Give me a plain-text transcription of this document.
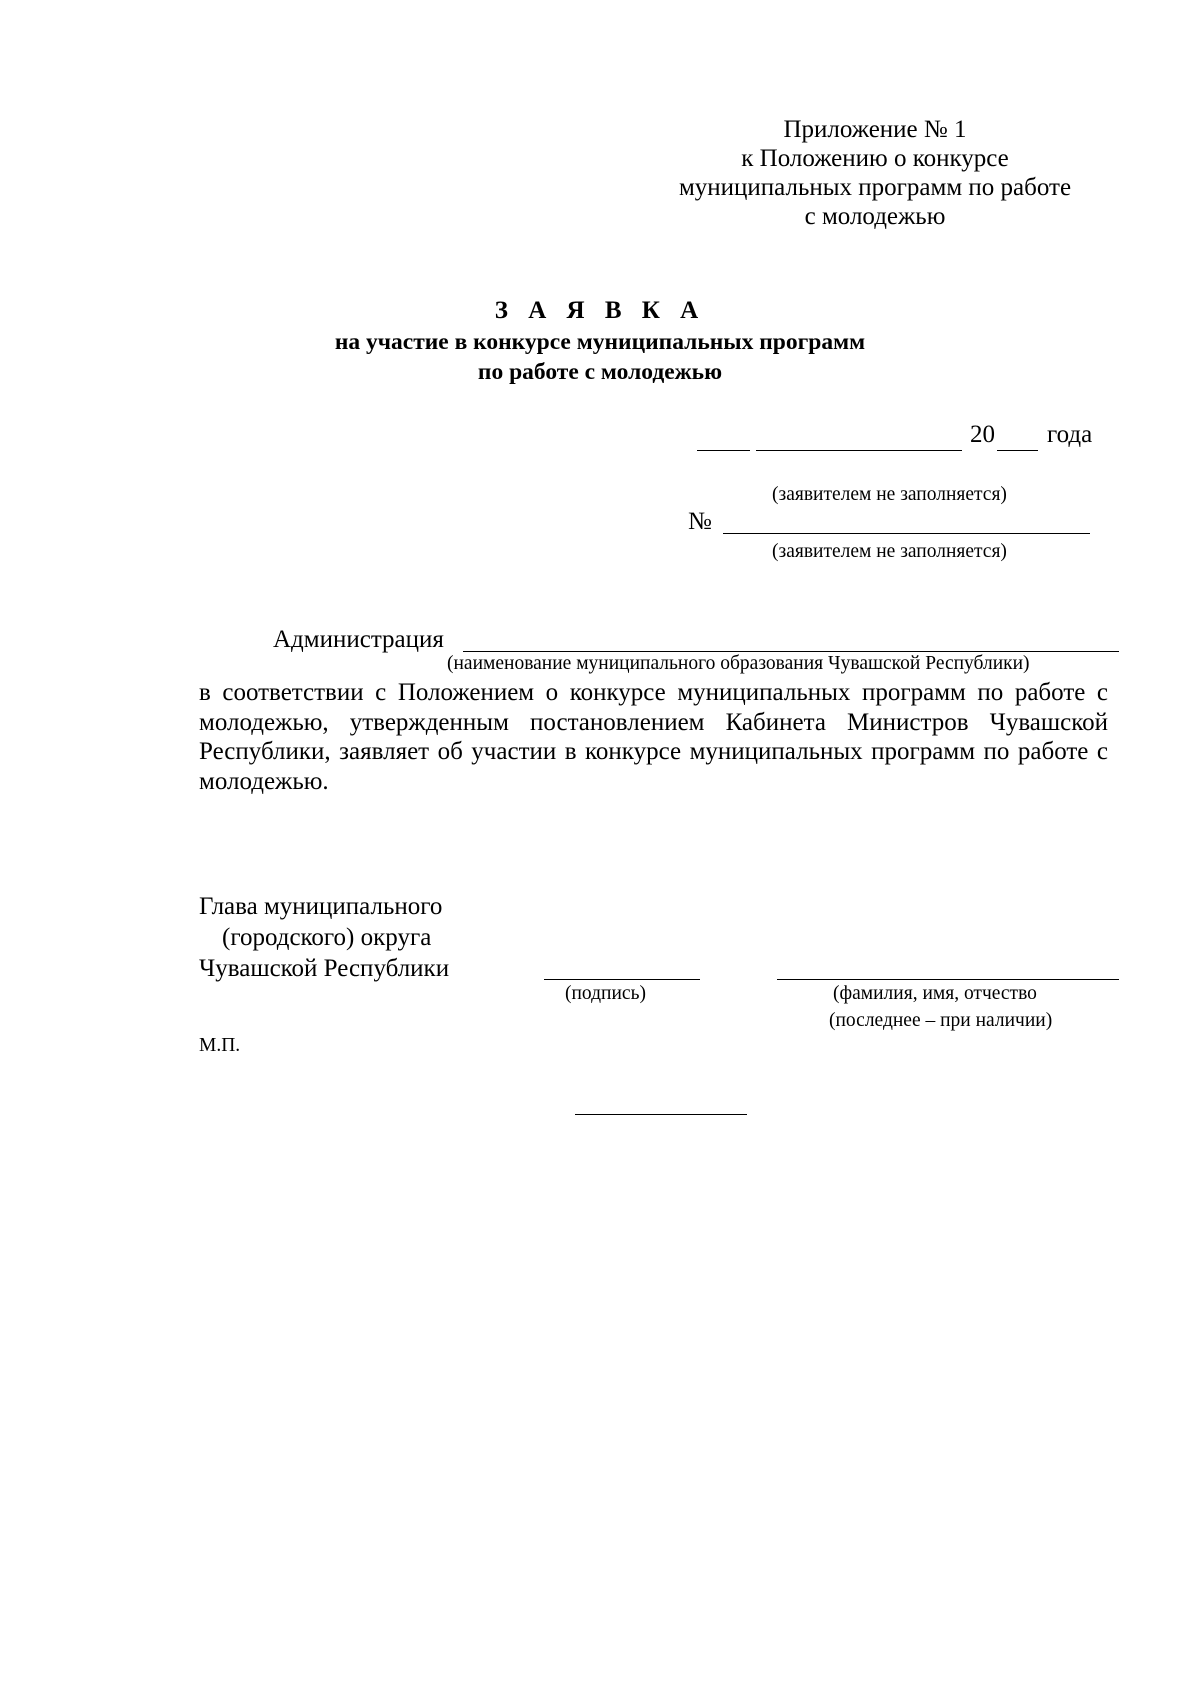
Приложение № 1
к Положению о конкурсе
муниципальных программ по работе
с молодежью
З А Я В К А
на участие в конкурсе муниципальных программ
по работе с молодежью
20 года
(заявителем не заполняется)
№
(заявителем не заполняется)
Администрация
(наименование муниципального образования Чувашской Республики)
в соответствии с Положением о конкурсе муниципальных программ по работе с молодежью, утвержденным постановлением Кабинета Министров Чувашской Республики, заявляет об участии в конкурсе муниципальных программ по работе с молодежью.
Глава муниципального
(городского) округа
Чувашской Республики
(подпись)	(фамилия, имя, отчество
(последнее – при наличии)
М.П.
